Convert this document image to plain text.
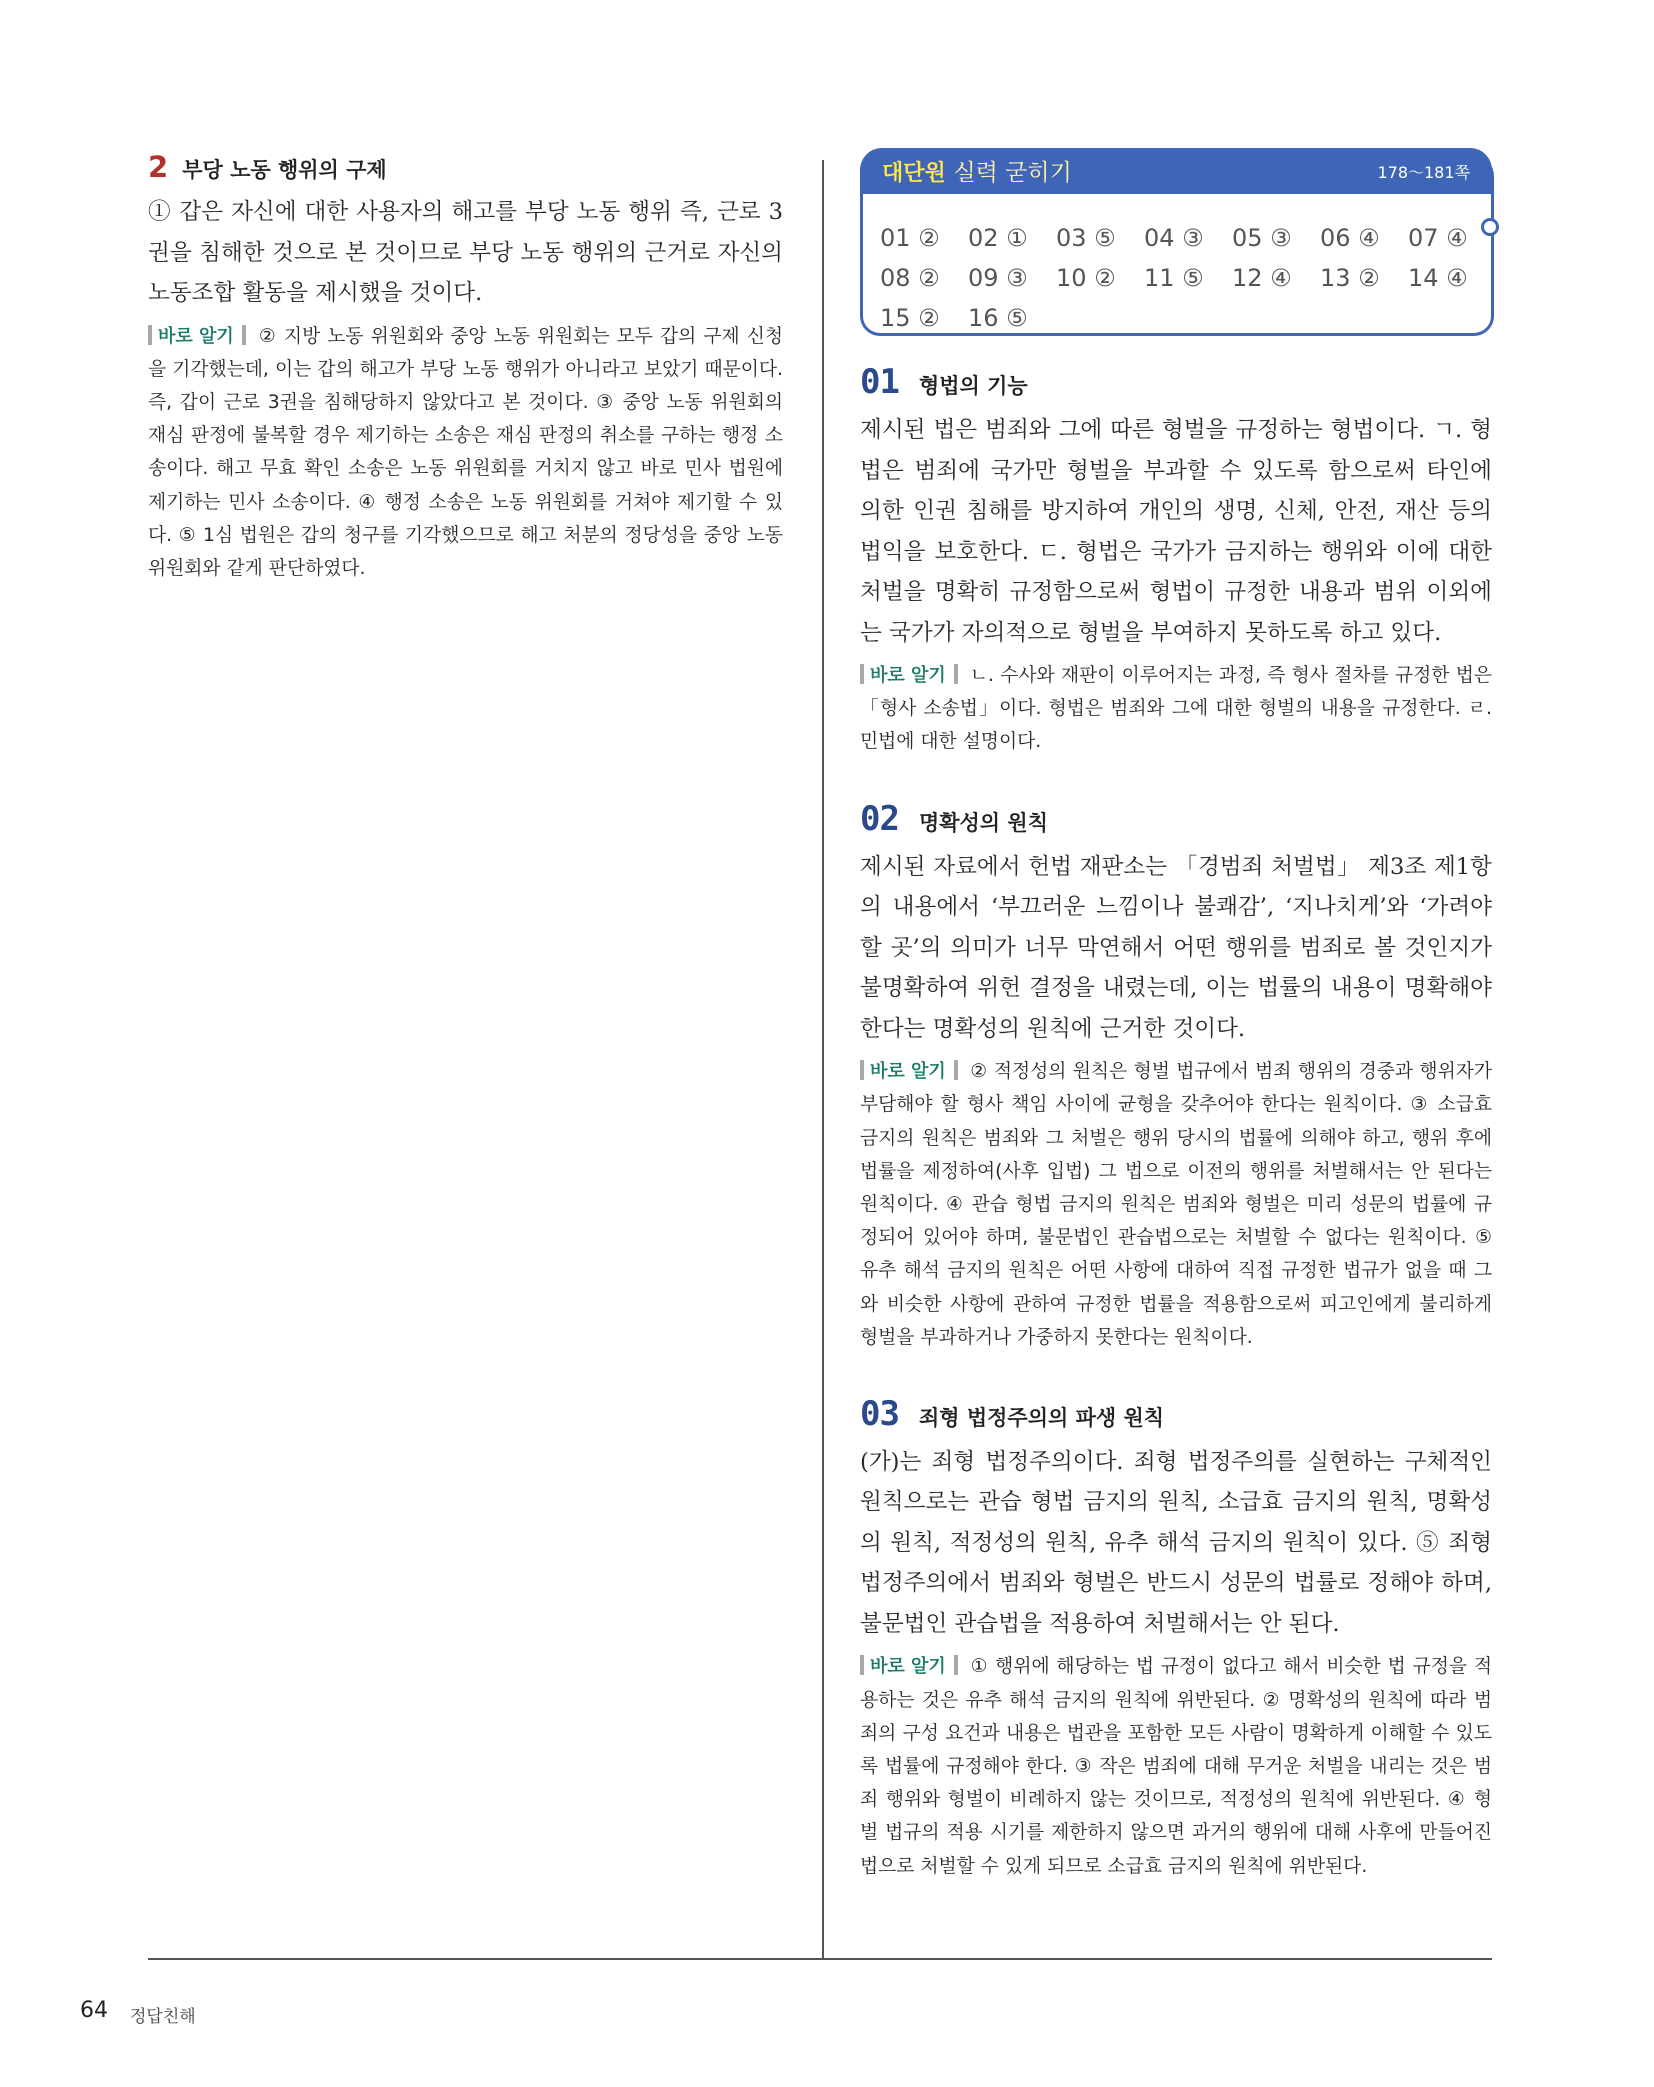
2 부당 노동 행위의 구제

① 갑은 자신에 대한 사용자의 해고를 부당 노동 행위 즉, 근로 3권을 침해한 것으로 본 것이므로 부당 노동 행위의 근거로 자신의 노동조합 활동을 제시했을 것이다.

바로 알기 ② 지방 노동 위원회와 중앙 노동 위원회는 모두 갑의 구제 신청을 기각했는데, 이는 갑의 해고가 부당 노동 행위가 아니라고 보았기 때문이다. 즉, 갑이 근로 3권을 침해당하지 않았다고 본 것이다. ③ 중앙 노동 위원회의 재심 판정에 불복할 경우 제기하는 소송은 재심 판정의 취소를 구하는 행정 소송이다. 해고 무효 확인 소송은 노동 위원회를 거치지 않고 바로 민사 법원에 제기하는 민사 소송이다. ④ 행정 소송은 노동 위원회를 거쳐야 제기할 수 있다. ⑤ 1심 법원은 갑의 청구를 기각했으므로 해고 처분의 정당성을 중앙 노동 위원회와 같게 판단하였다.

대단원 실력 굳히기	178～181쪽
01 ②	02 ①	03 ⑤	04 ③	05 ③	06 ④	07 ④
08 ②	09 ③	10 ②	11 ⑤	12 ④	13 ②	14 ④
15 ②	16 ⑤
01 형법의 기능

제시된 법은 범죄와 그에 따른 형벌을 규정하는 형법이다. ㄱ. 형법은 범죄에 국가만 형벌을 부과할 수 있도록 함으로써 타인에 의한 인권 침해를 방지하여 개인의 생명, 신체, 안전, 재산 등의 법익을 보호한다. ㄷ. 형법은 국가가 금지하는 행위와 이에 대한 처벌을 명확히 규정함으로써 형법이 규정한 내용과 범위 이외에는 국가가 자의적으로 형벌을 부여하지 못하도록 하고 있다.

바로 알기 ㄴ. 수사와 재판이 이루어지는 과정, 즉 형사 절차를 규정한 법은 「형사 소송법」이다. 형법은 범죄와 그에 대한 형벌의 내용을 규정한다. ㄹ. 민법에 대한 설명이다.

02 명확성의 원칙

제시된 자료에서 헌법 재판소는 「경범죄 처벌법」 제3조 제1항의 내용에서 ‘부끄러운 느낌이나 불쾌감’, ‘지나치게’와 ‘가려야 할 곳’의 의미가 너무 막연해서 어떤 행위를 범죄로 볼 것인지가 불명확하여 위헌 결정을 내렸는데, 이는 법률의 내용이 명확해야 한다는 명확성의 원칙에 근거한 것이다.

바로 알기 ② 적정성의 원칙은 형벌 법규에서 범죄 행위의 경중과 행위자가 부담해야 할 형사 책임 사이에 균형을 갖추어야 한다는 원칙이다. ③ 소급효 금지의 원칙은 범죄와 그 처벌은 행위 당시의 법률에 의해야 하고, 행위 후에 법률을 제정하여(사후 입법) 그 법으로 이전의 행위를 처벌해서는 안 된다는 원칙이다. ④ 관습 형법 금지의 원칙은 범죄와 형벌은 미리 성문의 법률에 규정되어 있어야 하며, 불문법인 관습법으로는 처벌할 수 없다는 원칙이다. ⑤ 유추 해석 금지의 원칙은 어떤 사항에 대하여 직접 규정한 법규가 없을 때 그와 비슷한 사항에 관하여 규정한 법률을 적용함으로써 피고인에게 불리하게 형벌을 부과하거나 가중하지 못한다는 원칙이다.

03 죄형 법정주의의 파생 원칙

(가)는 죄형 법정주의이다. 죄형 법정주의를 실현하는 구체적인 원칙으로는 관습 형법 금지의 원칙, 소급효 금지의 원칙, 명확성의 원칙, 적정성의 원칙, 유추 해석 금지의 원칙이 있다. ⑤ 죄형 법정주의에서 범죄와 형벌은 반드시 성문의 법률로 정해야 하며, 불문법인 관습법을 적용하여 처벌해서는 안 된다.

바로 알기 ① 행위에 해당하는 법 규정이 없다고 해서 비슷한 법 규정을 적용하는 것은 유추 해석 금지의 원칙에 위반된다. ② 명확성의 원칙에 따라 범죄의 구성 요건과 내용은 법관을 포함한 모든 사람이 명확하게 이해할 수 있도록 법률에 규정해야 한다. ③ 작은 범죄에 대해 무거운 처벌을 내리는 것은 범죄 행위와 형벌이 비례하지 않는 것이므로, 적정성의 원칙에 위반된다. ④ 형벌 법규의 적용 시기를 제한하지 않으면 과거의 행위에 대해 사후에 만들어진 법으로 처벌할 수 있게 되므로 소급효 금지의 원칙에 위반된다.

64 정답친해
